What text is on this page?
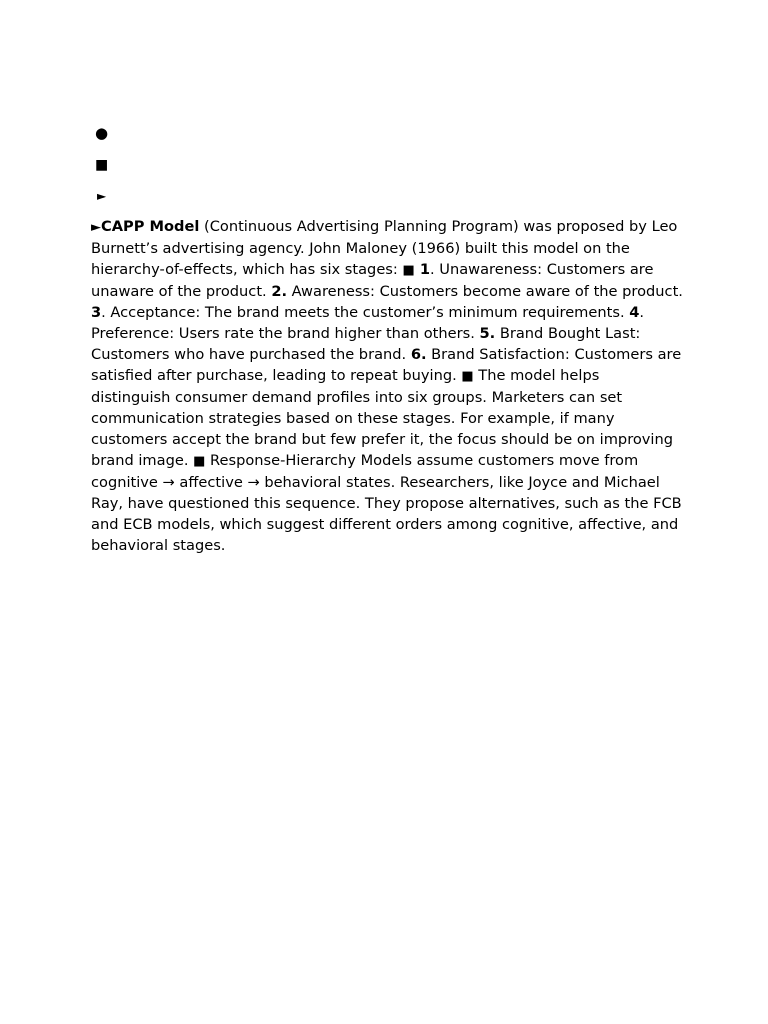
●
■
►

►CAPP Model (Continuous Advertising Planning Program) was proposed by Leo Burnett’s advertising agency. John Maloney (1966) built this model on the hierarchy-of-effects, which has six stages: ■ 1. Unawareness: Customers are unaware of the product. 2. Awareness: Customers become aware of the product. 3. Acceptance: The brand meets the customer’s minimum requirements. 4. Preference: Users rate the brand higher than others. 5. Brand Bought Last: Customers who have purchased the brand. 6. Brand Satisfaction: Customers are satisfied after purchase, leading to repeat buying. ■ The model helps distinguish consumer demand profiles into six groups. Marketers can set communication strategies based on these stages. For example, if many customers accept the brand but few prefer it, the focus should be on improving brand image. ■ Response-Hierarchy Models assume customers move from cognitive → affective → behavioral states. Researchers, like Joyce and Michael Ray, have questioned this sequence. They propose alternatives, such as the FCB and ECB models, which suggest different orders among cognitive, affective, and behavioral stages.
